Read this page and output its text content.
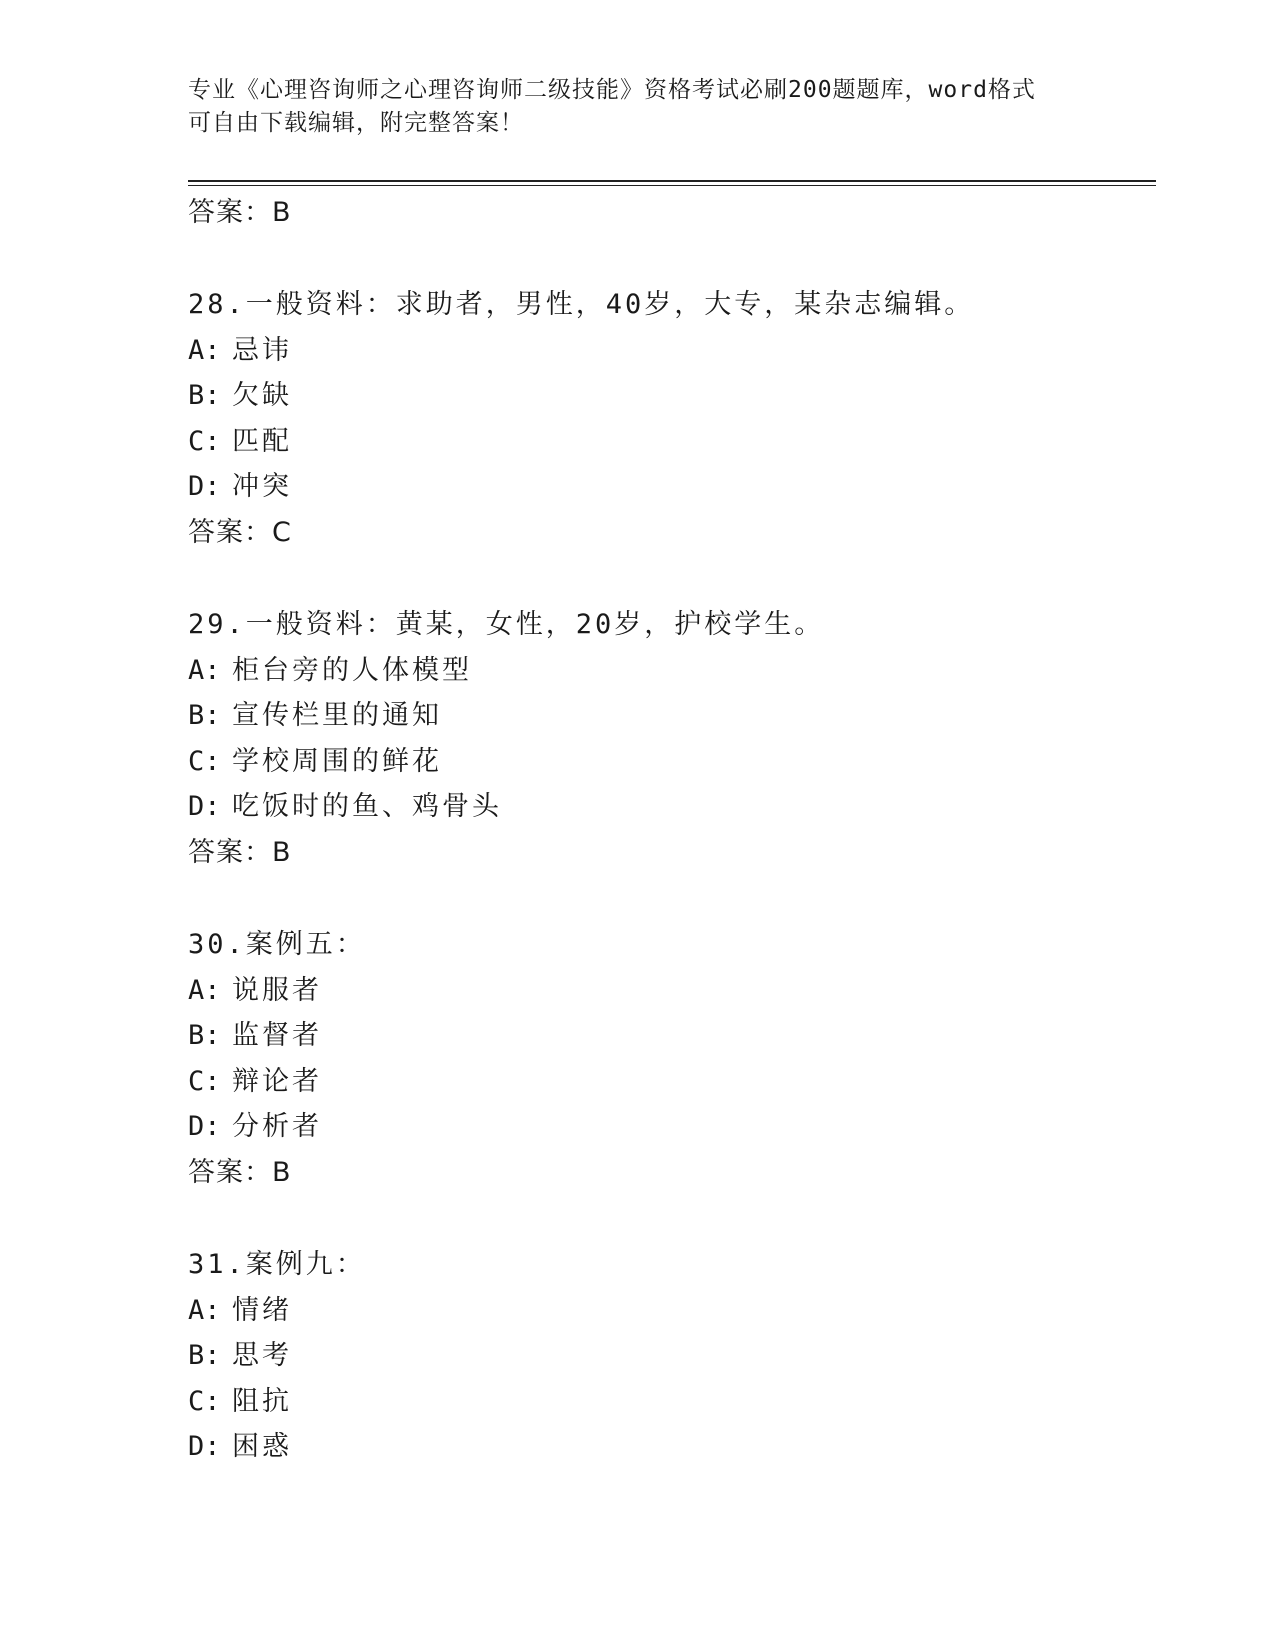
专业《心理咨询师之心理咨询师二级技能》资格考试必刷200题题库，word格式
可自由下载编辑，附完整答案！
答案：B
28.一般资料：求助者，男性，40岁，大专，某杂志编辑。
A: 忌讳
B: 欠缺
C: 匹配
D: 冲突
答案：C
29.一般资料：黄某，女性，20岁，护校学生。
A: 柜台旁的人体模型
B: 宣传栏里的通知
C: 学校周围的鲜花
D: 吃饭时的鱼、鸡骨头
答案：B
30.案例五：
A: 说服者
B: 监督者
C: 辩论者
D: 分析者
答案：B
31.案例九：
A: 情绪
B: 思考
C: 阻抗
D: 困惑
